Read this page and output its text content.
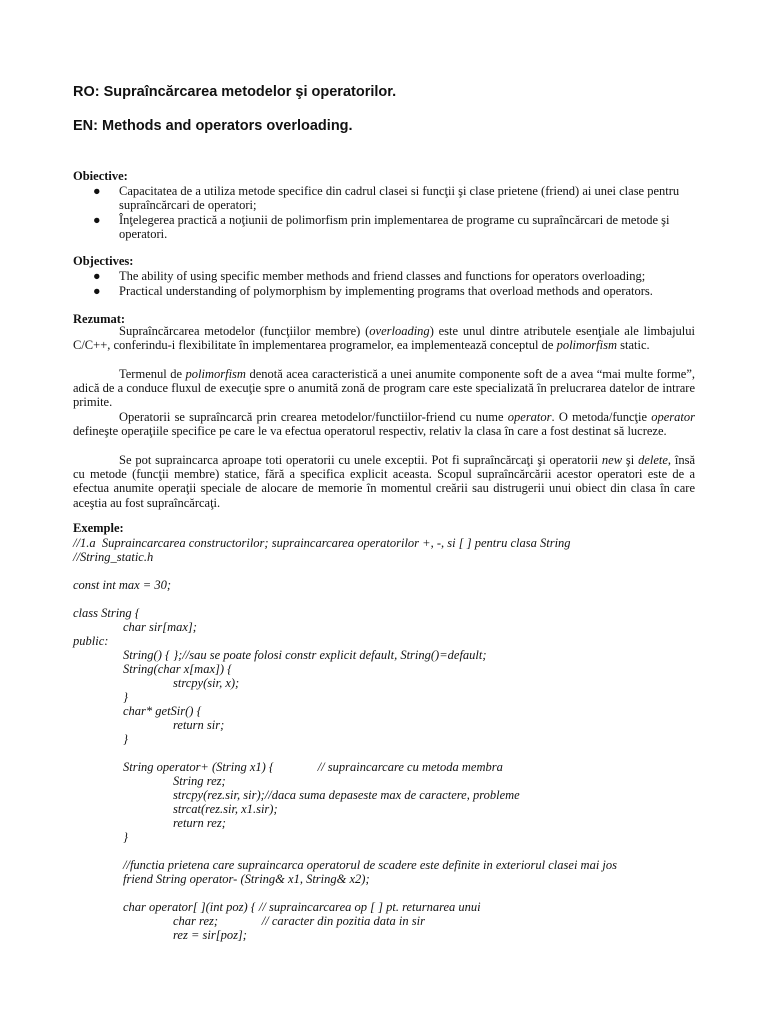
RO: Supraîncărcarea metodelor şi operatorilor.
EN: Methods and operators overloading.
Obiective:
● Capacitatea de a utiliza metode specifice din cadrul clasei si funcţii şi clase prietene (friend) ai unei clase pentru supraîncărcari de operatori;
● Înţelegerea practică a noţiunii de polimorfism prin implementarea de programe cu supraîncărcari de metode şi operatori.
Objectives:
● The ability of using specific member methods and friend classes and functions for operators overloading;
● Practical understanding of polymorphism by implementing programs that overload methods and operators.
Rezumat:

Supraîncărcarea metodelor (funcţiilor membre) (overloading) este unul dintre atributele esenţiale ale limbajului C/C++, conferindu-i flexibilitate în implementarea programelor, ea implementează conceptul de polimorfism static.

Termenul de polimorfism denotă acea caracteristică a unei anumite componente soft de a avea “mai multe forme”, adică de a conduce fluxul de execuţie spre o anumită zonă de program care este specializată în prelucrarea datelor de intrare primite.

Operatorii se supraîncarcă prin crearea metodelor/functiilor-friend cu nume operator. O metoda/funcţie operator defineşte operaţiile specifice pe care le va efectua operatorul respectiv, relativ la clasa în care a fost destinat să lucreze.

Se pot supraincarca aproape toti operatorii cu unele exceptii. Pot fi supraîncărcaţi şi operatorii new şi delete, însă cu metode (funcţii membre) statice, fără a specifica explicit aceasta. Scopul supraîncărcării acestor operatori este de a efectua anumite operaţii speciale de alocare de memorie în momentul creării sau distrugerii unui obiect din clasa în care aceştia au fost supraîncărcaţi.

Exemple:
//1.a  Supraincarcarea constructorilor; supraincarcarea operatorilor +, -, si [ ] pentru clasa String
//String_static.h
const int max = 30;
class String {
char sir[max];
public:
String() { };//sau se poate folosi constr explicit default, String()=default;
String(char x[max]) {
strcpy(sir, x);
}
char* getSir() {
return sir;
}
String operator+ (String x1) {              // supraincarcare cu metoda membra
String rez;
strcpy(rez.sir, sir);//daca suma depaseste max de caractere, probleme
strcat(rez.sir, x1.sir);
return rez;
}
//functia prietena care supraincarca operatorul de scadere este definite in exteriorul clasei mai jos
friend String operator- (String& x1, String& x2);
char operator[ ](int poz) { // supraincarcarea op [ ] pt. returnarea unui
char rez;              // caracter din pozitia data in sir
rez = sir[poz];
